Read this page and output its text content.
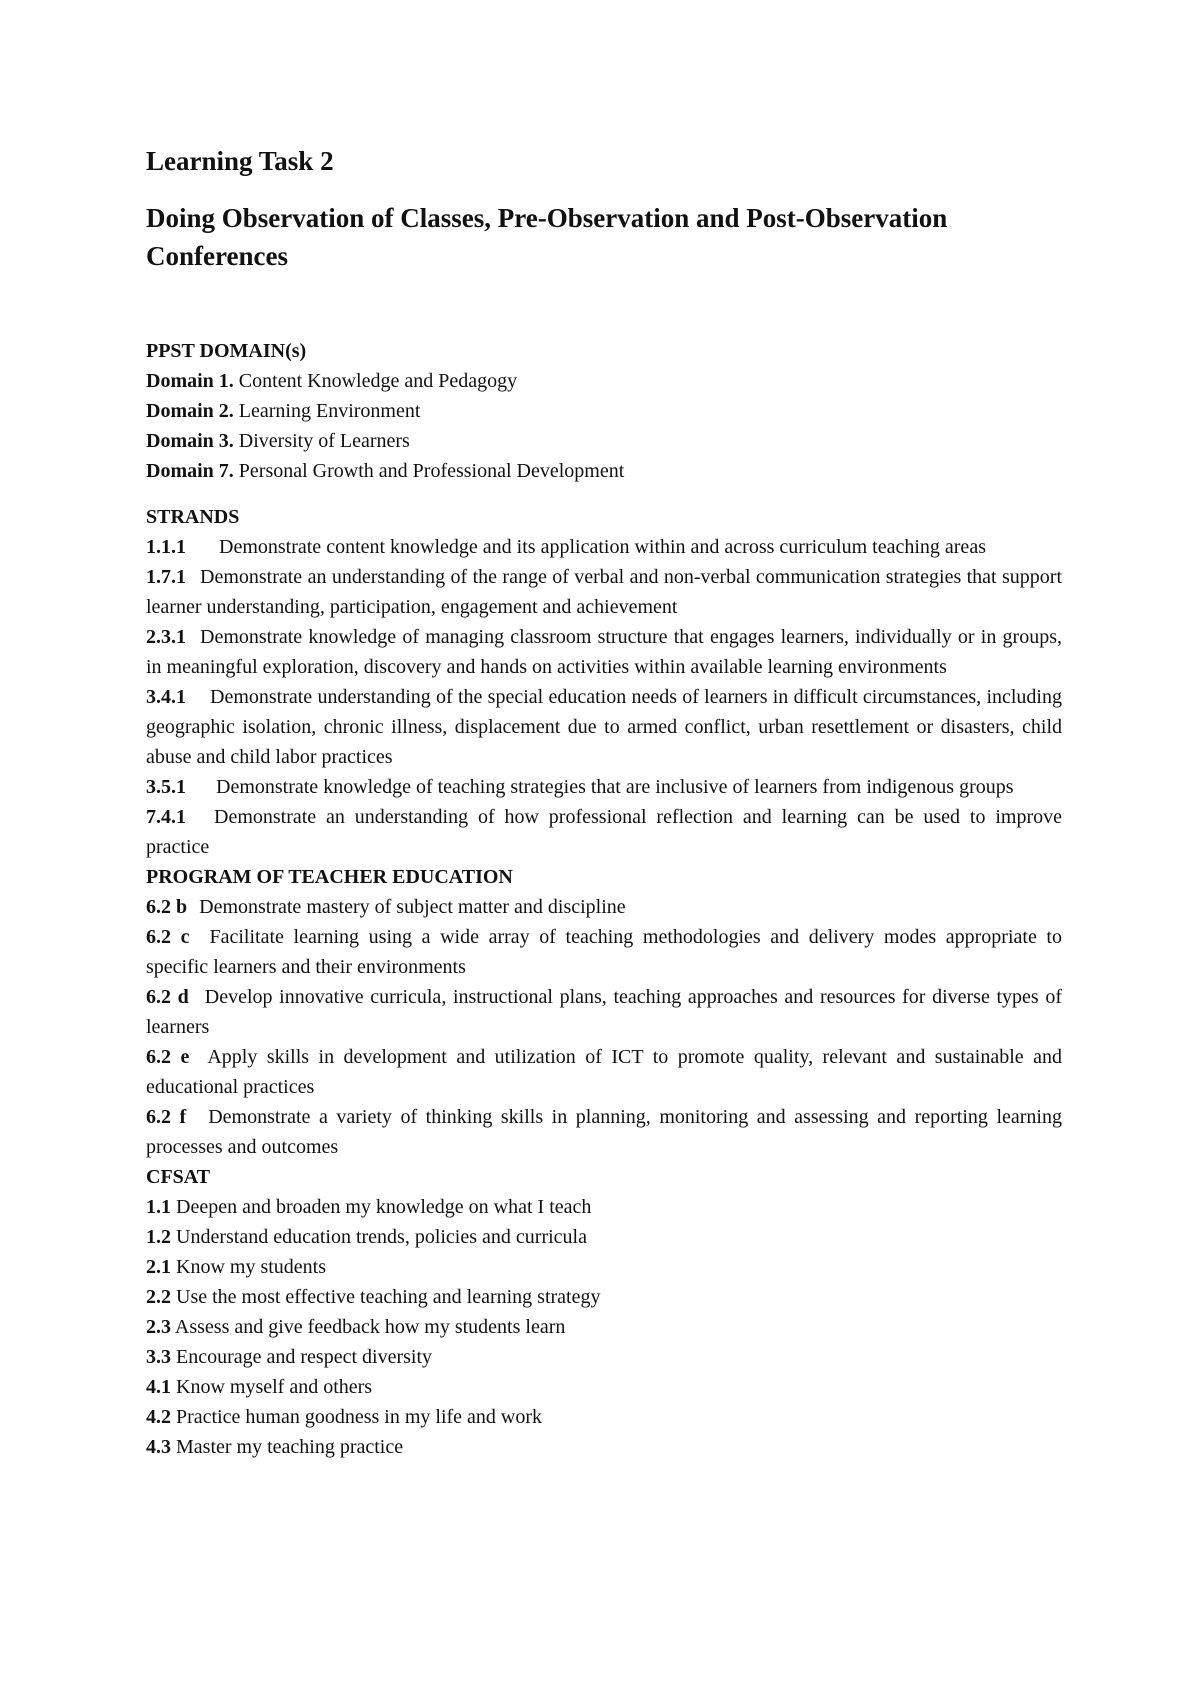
Learning Task 2
Doing Observation of Classes, Pre-Observation and Post-Observation Conferences

PPST DOMAIN(s)

Domain 1. Content Knowledge and Pedagogy

Domain 2. Learning Environment

Domain 3. Diversity of Learners

Domain 7. Personal Growth and Professional Development

STRANDS

1.1.1	Demonstrate content knowledge and its application within and across curriculum teaching areas

1.7.1 Demonstrate an understanding of the range of verbal and non-verbal communication strategies that support learner understanding, participation, engagement and achievement

2.3.1 Demonstrate knowledge of managing classroom structure that engages learners, individually or in groups, in meaningful exploration, discovery and hands on activities within available learning environments

3.4.1 Demonstrate understanding of the special education needs of learners in difficult circumstances, including geographic isolation, chronic illness, displacement due to armed conflict, urban resettlement or disasters, child abuse and child labor practices

3.5.1 Demonstrate knowledge of teaching strategies that are inclusive of learners from indigenous groups

7.4.1 Demonstrate an understanding of how professional reflection and learning can be used to improve practice

PROGRAM OF TEACHER EDUCATION

6.2 b Demonstrate mastery of subject matter and discipline

6.2 c Facilitate learning using a wide array of teaching methodologies and delivery modes appropriate to specific learners and their environments

6.2 d Develop innovative curricula, instructional plans, teaching approaches and resources for diverse types of learners

6.2 e Apply skills in development and utilization of ICT to promote quality, relevant and sustainable and educational practices

6.2 f Demonstrate a variety of thinking skills in planning, monitoring and assessing and reporting learning processes and outcomes

CFSAT

1.1 Deepen and broaden my knowledge on what I teach

1.2 Understand education trends, policies and curricula

2.1 Know my students

2.2 Use the most effective teaching and learning strategy

2.3 Assess and give feedback how my students learn

3.3 Encourage and respect diversity

4.1 Know myself and others

4.2 Practice human goodness in my life and work

4.3 Master my teaching practice
